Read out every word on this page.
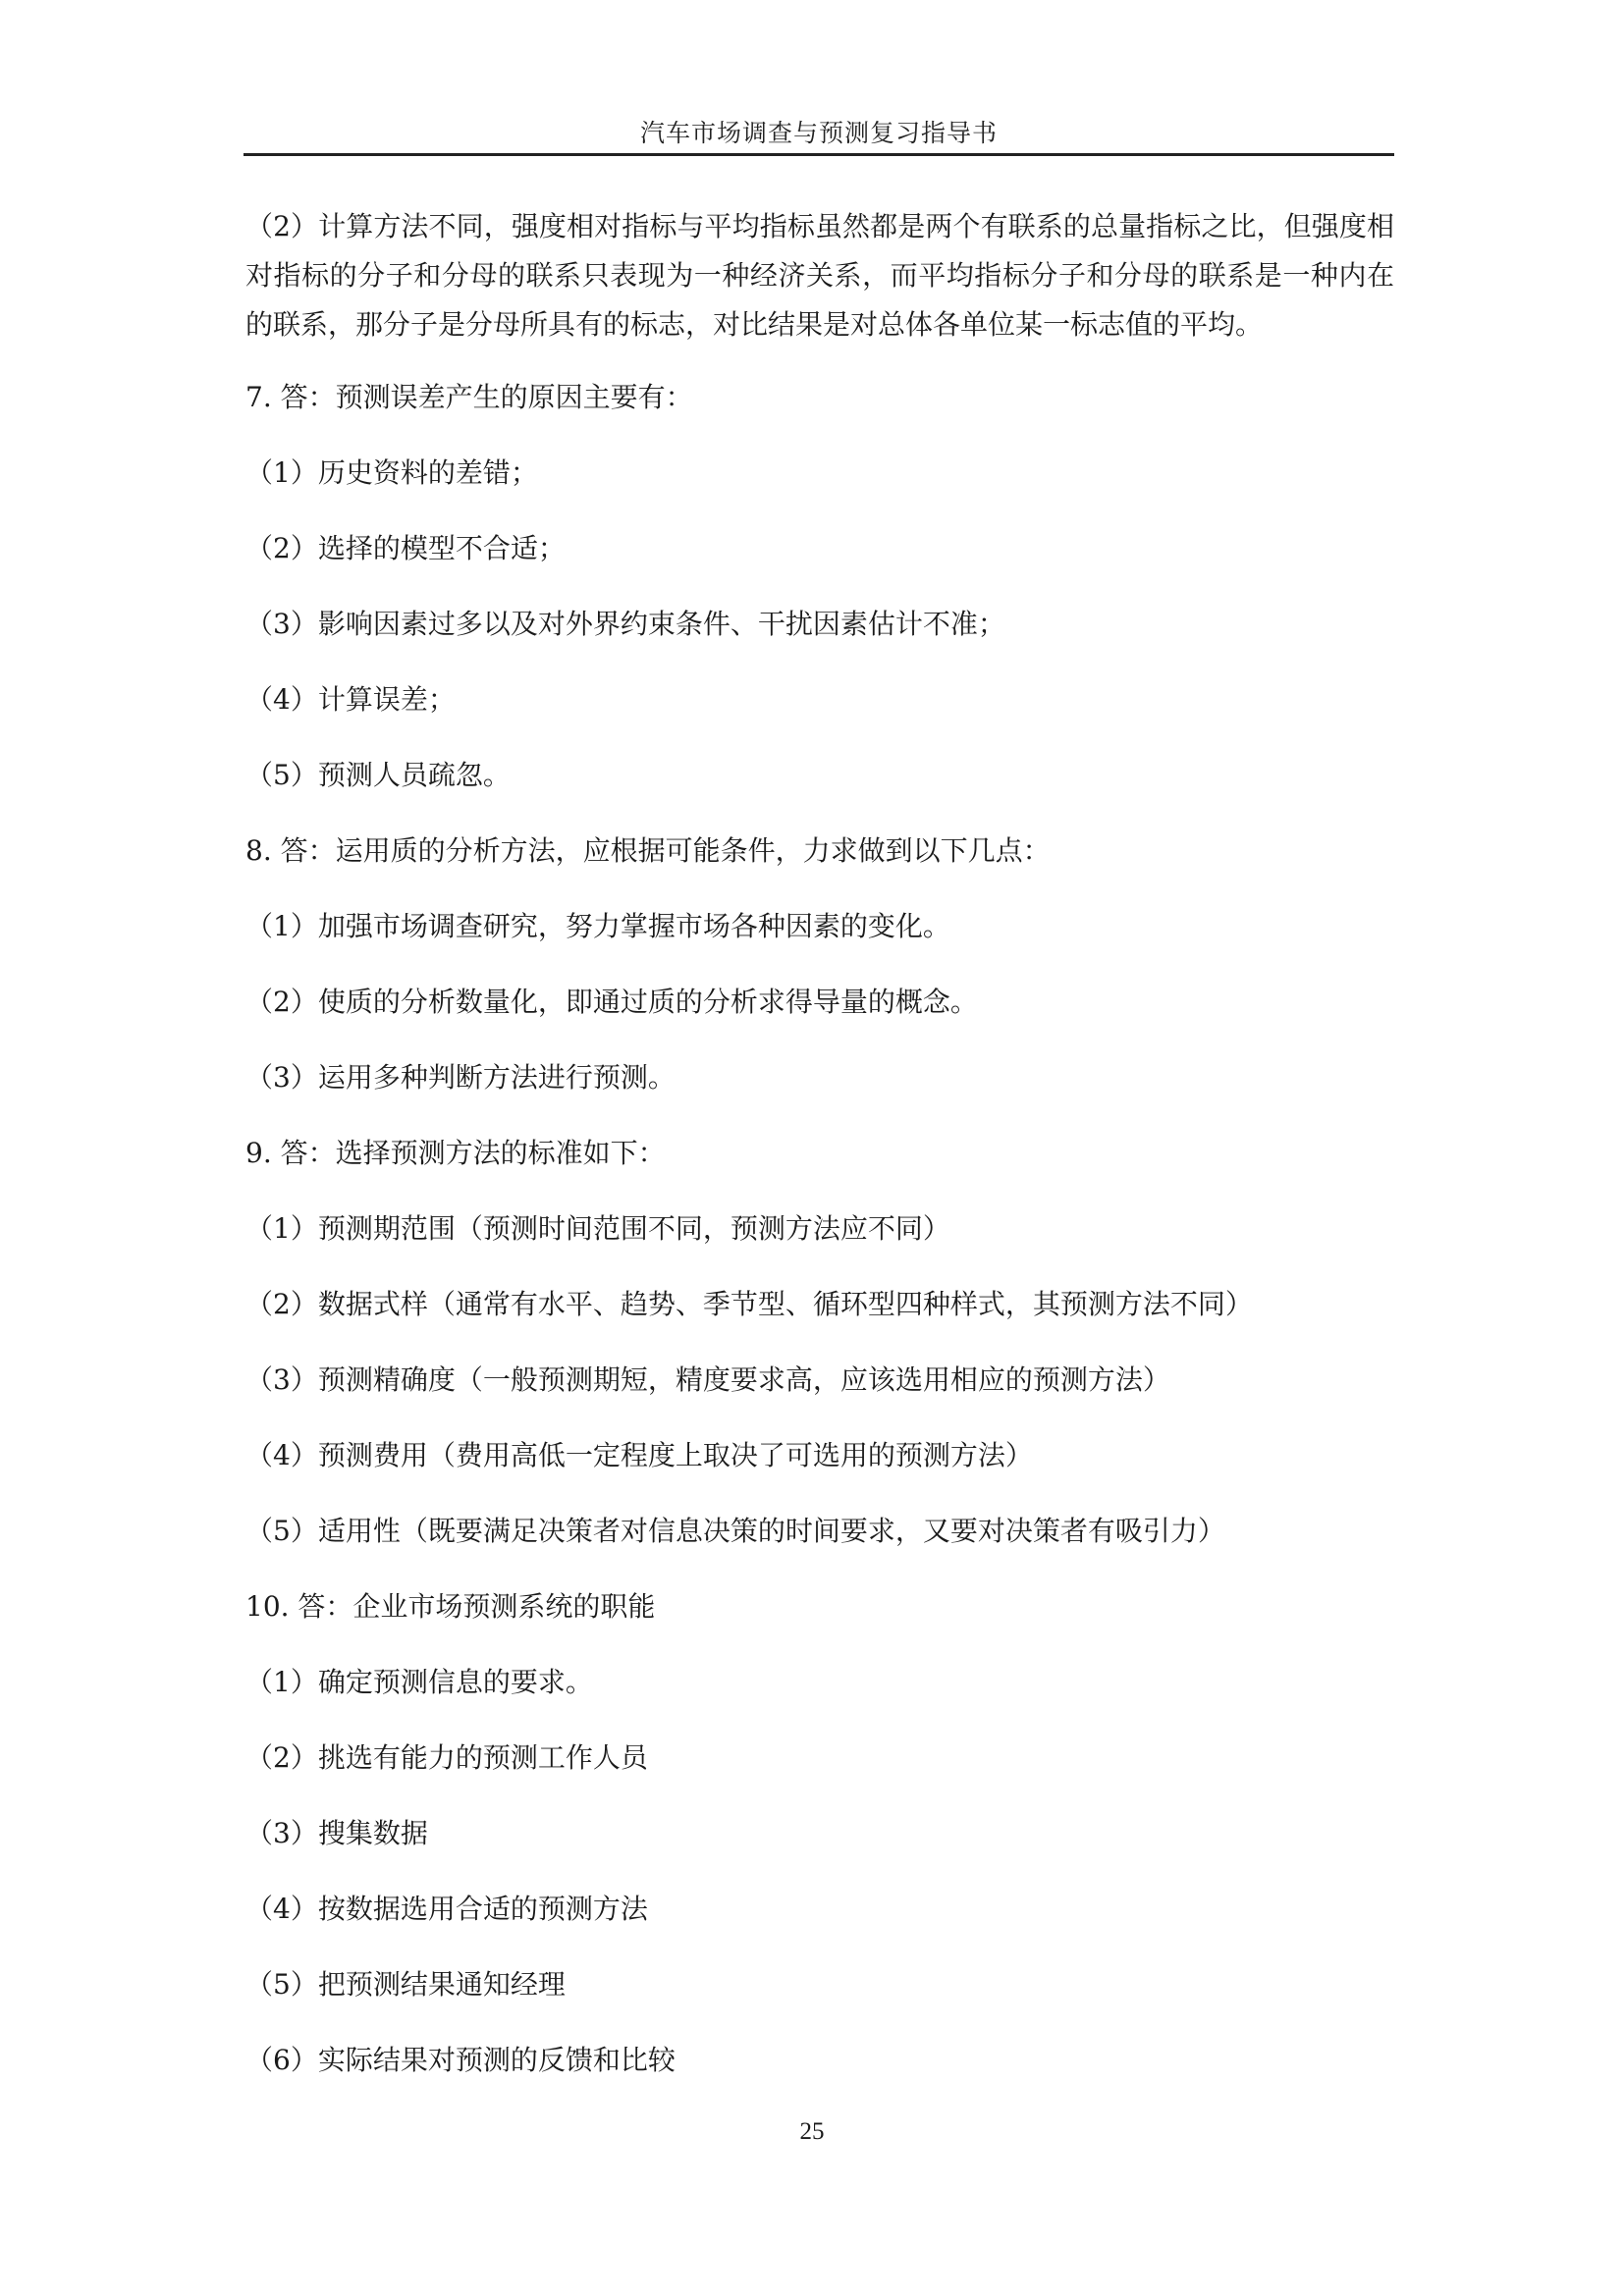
汽车市场调查与预测复习指导书

（2）计算方法不同，强度相对指标与平均指标虽然都是两个有联系的总量指标之比，但强度相对指标的分子和分母的联系只表现为一种经济关系，而平均指标分子和分母的联系是一种内在的联系，那分子是分母所具有的标志，对比结果是对总体各单位某一标志值的平均。

7. 答：预测误差产生的原因主要有：

（1）历史资料的差错；

（2）选择的模型不合适；

（3）影响因素过多以及对外界约束条件、干扰因素估计不准；

（4）计算误差；

（5）预测人员疏忽。

8. 答：运用质的分析方法，应根据可能条件，力求做到以下几点：

（1）加强市场调查研究，努力掌握市场各种因素的变化。

（2）使质的分析数量化，即通过质的分析求得导量的概念。

（3）运用多种判断方法进行预测。

9. 答：选择预测方法的标准如下：

（1）预测期范围（预测时间范围不同，预测方法应不同）

（2）数据式样（通常有水平、趋势、季节型、循环型四种样式，其预测方法不同）

（3）预测精确度（一般预测期短，精度要求高，应该选用相应的预测方法）

（4）预测费用（费用高低一定程度上取决了可选用的预测方法）

（5）适用性（既要满足决策者对信息决策的时间要求，又要对决策者有吸引力）

10. 答：企业市场预测系统的职能

（1）确定预测信息的要求。

（2）挑选有能力的预测工作人员

（3）搜集数据

（4）按数据选用合适的预测方法

（5）把预测结果通知经理

（6）实际结果对预测的反馈和比较

25
